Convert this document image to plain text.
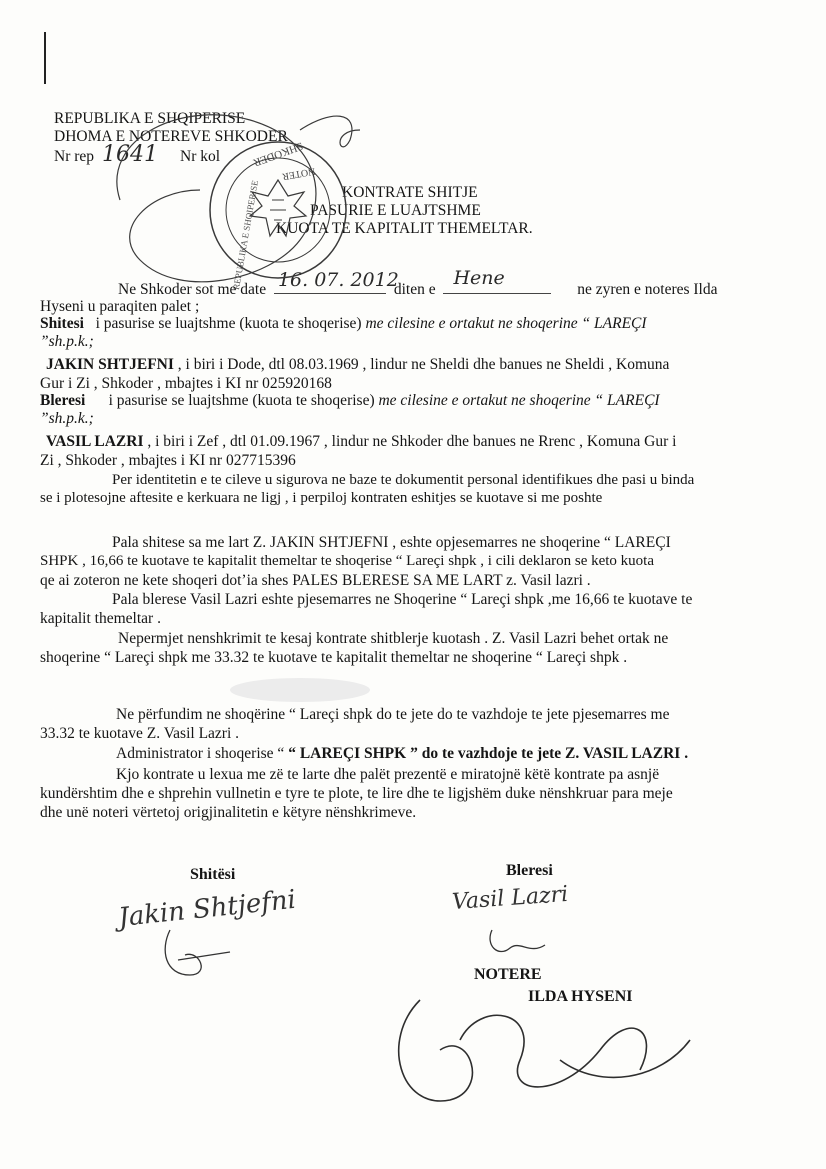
REPUBLIKA E SHQIPERISE
DHOMA E NOTEREVE SHKODER
Nr rep 1641 Nr kol
KONTRATE SHITJE
PASURIE E LUAJTSHME
KUOTA TE KAPITALIT THEMELTAR.
SHKODER
NOTER
REPUBLIKA E SHQIPERISE
Ne Shkoder sot me date 16. 07. 2012
diten e
Hene
ne zyren e noteres Ilda
Hyseni u paraqiten palet ;
Shitesi i pasurise se luajtshme (kuota te shoqerise) me cilesine e ortakut ne shoqerine “ LAREÇI
”sh.p.k.;
JAKIN SHTJEFNI , i biri i Dode, dtl 08.03.1969 , lindur ne Sheldi dhe banues ne Sheldi , Komuna
Gur i Zi , Shkoder , mbajtes i KI nr 025920168
Bleresi i pasurise se luajtshme (kuota te shoqerise) me cilesine e ortakut ne shoqerine “ LAREÇI
”sh.p.k.;
VASIL LAZRI , i biri i Zef , dtl 01.09.1967 , lindur ne Shkoder dhe banues ne Rrenc , Komuna Gur i
Zi , Shkoder , mbajtes i KI nr 027715396
Per identitetin e te cileve u sigurova ne baze te dokumentit personal identifikues dhe pasi u binda
se i plotesojne aftesite e kerkuara ne ligj , i perpiloj kontraten eshitjes se kuotave si me poshte
Pala shitese sa me lart Z. JAKIN SHTJEFNI , eshte opjesemarres ne shoqerine “ LAREÇI
SHPK , 16,66 te kuotave te kapitalit themeltar te shoqerise “ Lareçi shpk , i cili deklaron se keto kuota
qe ai zoteron ne kete shoqeri dot’ia shes PALES BLERESE SA ME LART z. Vasil lazri .
Pala blerese Vasil Lazri eshte pjesemarres ne Shoqerine “ Lareçi shpk ,me 16,66 te kuotave te
kapitalit themeltar .
Nepermjet nenshkrimit te kesaj kontrate shitblerje kuotash . Z. Vasil Lazri behet ortak ne
shoqerine “ Lareçi shpk me 33.32 te kuotave te kapitalit themeltar ne shoqerine “ Lareçi shpk .
Ne përfundim ne shoqërine “ Lareçi shpk do te jete do te vazhdoje te jete pjesemarres me
33.32 te kuotave Z. Vasil Lazri .
Administrator i shoqerise “ “ LAREÇI SHPK ” do te vazhdoje te jete Z. VASIL LAZRI .
Kjo kontrate u lexua me zë te larte dhe palët prezentë e miratojnë këtë kontrate pa asnjë
kundërshtim dhe e shprehin vullnetin e tyre te plote, te lire dhe te ligjshëm duke nënshkruar para meje
dhe unë noteri vërtetoj origjinalitetin e këtyre nënshkrimeve.
Shitësi	Bleresi
NOTERE
ILDA HYSENI
Jakin Shtjefni	Vasil Lazri
